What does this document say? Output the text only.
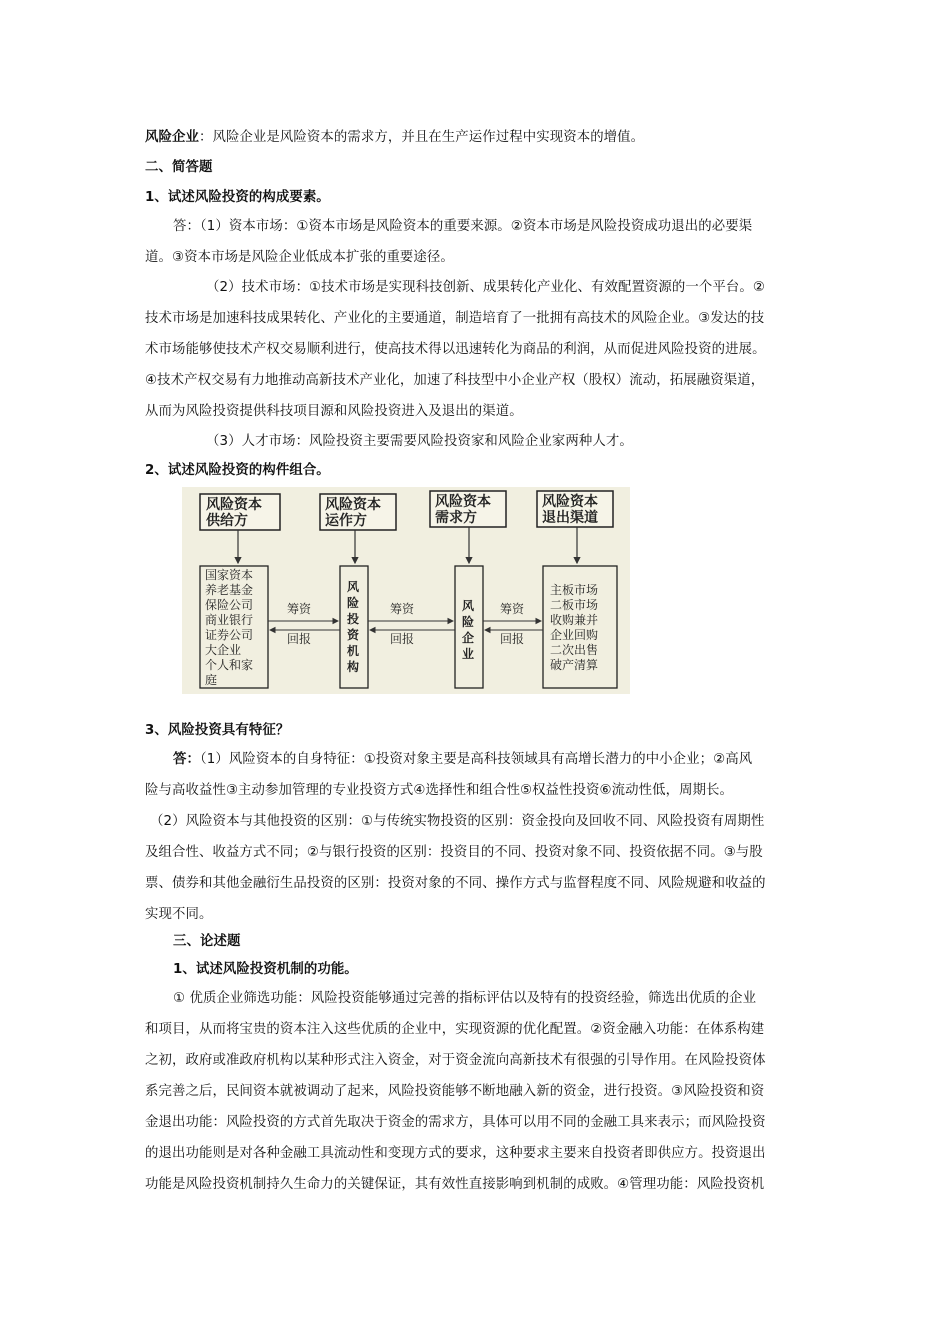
风险企业：风险企业是风险资本的需求方，并且在生产运作过程中实现资本的增值。
二、简答题
1、试述风险投资的构成要素。
答：（1）资本市场：①资本市场是风险资本的重要来源。②资本市场是风险投资成功退出的必要渠
道。③资本市场是风险企业低成本扩张的重要途径。
（2）技术市场：①技术市场是实现科技创新、成果转化产业化、有效配置资源的一个平台。②
技术市场是加速科技成果转化、产业化的主要通道，制造培育了一批拥有高技术的风险企业。③发达的技
术市场能够使技术产权交易顺利进行，使高技术得以迅速转化为商品的利润，从而促进风险投资的进展。
④技术产权交易有力地推动高新技术产业化，加速了科技型中小企业产权（股权）流动，拓展融资渠道，
从而为风险投资提供科技项目源和风险投资进入及退出的渠道。
（3）人才市场：风险投资主要需要风险投资家和风险企业家两种人才。
2、试述风险投资的构件组合。
风险资本
供给方
风险资本
运作方
风险资本
需求方
风险资本
退出渠道
国家资本
养老基金
保险公司
商业银行
证券公司
大企业
个人和家
庭
风
险
投
资
机
构
风
险
企
业
主板市场
二板市场
收购兼并
企业回购
二次出售
破产清算
筹资
回报
筹资
回报
筹资
回报
3、风险投资具有特征？
答：（1）风险资本的自身特征：①投资对象主要是高科技领域具有高增长潜力的中小企业；②高风
险与高收益性③主动参加管理的专业投资方式④选择性和组合性⑤权益性投资⑥流动性低，周期长。
（2）风险资本与其他投资的区别：①与传统实物投资的区别：资金投向及回收不同、风险投资有周期性
及组合性、收益方式不同；②与银行投资的区别：投资目的不同、投资对象不同、投资依据不同。③与股
票、债券和其他金融衍生品投资的区别：投资对象的不同、操作方式与监督程度不同、风险规避和收益的
实现不同。
三、论述题
1、试述风险投资机制的功能。
① 优质企业筛选功能：风险投资能够通过完善的指标评估以及特有的投资经验，筛选出优质的企业
和项目，从而将宝贵的资本注入这些优质的企业中，实现资源的优化配置。②资金融入功能：在体系构建
之初，政府或准政府机构以某种形式注入资金，对于资金流向高新技术有很强的引导作用。在风险投资体
系完善之后，民间资本就被调动了起来，风险投资能够不断地融入新的资金，进行投资。③风险投资和资
金退出功能：风险投资的方式首先取决于资金的需求方，具体可以用不同的金融工具来表示；而风险投资
的退出功能则是对各种金融工具流动性和变现方式的要求，这种要求主要来自投资者即供应方。投资退出
功能是风险投资机制持久生命力的关键保证，其有效性直接影响到机制的成败。④管理功能：风险投资机
